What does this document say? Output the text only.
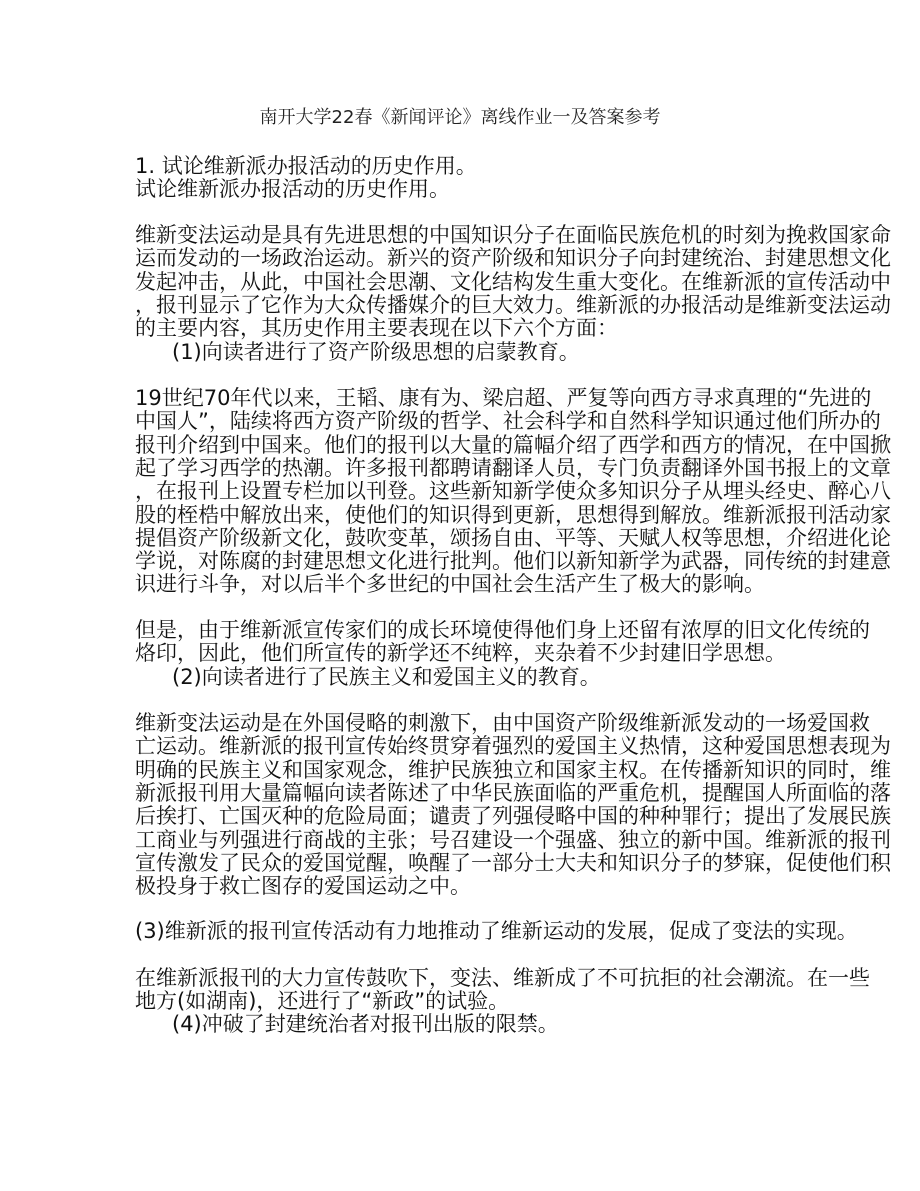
南开大学22春《新闻评论》离线作业一及答案参考
1. 试论维新派办报活动的历史作用。
试论维新派办报活动的历史作用。
维新变法运动是具有先进思想的中国知识分子在面临民族危机的时刻为挽救国家命
运而发动的一场政治运动。新兴的资产阶级和知识分子向封建统治、封建思想文化
发起冲击，从此，中国社会思潮、文化结构发生重大变化。在维新派的宣传活动中
，报刊显示了它作为大众传播媒介的巨大效力。维新派的办报活动是维新变法运动
的主要内容，其历史作用主要表现在以下六个方面：
(1)向读者进行了资产阶级思想的启蒙教育。
19世纪70年代以来，王韬、康有为、梁启超、严复等向西方寻求真理的“先进的
中国人”，陆续将西方资产阶级的哲学、社会科学和自然科学知识通过他们所办的
报刊介绍到中国来。他们的报刊以大量的篇幅介绍了西学和西方的情况，在中国掀
起了学习西学的热潮。许多报刊都聘请翻译人员，专门负责翻译外国书报上的文章
，在报刊上设置专栏加以刊登。这些新知新学使众多知识分子从埋头经史、醉心八
股的桎梏中解放出来，使他们的知识得到更新，思想得到解放。维新派报刊活动家
提倡资产阶级新文化，鼓吹变革，颂扬自由、平等、天赋人权等思想，介绍进化论
学说，对陈腐的封建思想文化进行批判。他们以新知新学为武器，同传统的封建意
识进行斗争，对以后半个多世纪的中国社会生活产生了极大的影响。
但是，由于维新派宣传家们的成长环境使得他们身上还留有浓厚的旧文化传统的
烙印，因此，他们所宣传的新学还不纯粹，夹杂着不少封建旧学思想。
(2)向读者进行了民族主义和爱国主义的教育。
维新变法运动是在外国侵略的刺激下，由中国资产阶级维新派发动的一场爱国救
亡运动。维新派的报刊宣传始终贯穿着强烈的爱国主义热情，这种爱国思想表现为
明确的民族主义和国家观念，维护民族独立和国家主权。在传播新知识的同时，维
新派报刊用大量篇幅向读者陈述了中华民族面临的严重危机，提醒国人所面临的落
后挨打、亡国灭种的危险局面；谴责了列强侵略中国的种种罪行；提出了发展民族
工商业与列强进行商战的主张；号召建设一个强盛、独立的新中国。维新派的报刊
宣传激发了民众的爱国觉醒，唤醒了一部分士大夫和知识分子的梦寐，促使他们积
极投身于救亡图存的爱国运动之中。
(3)维新派的报刊宣传活动有力地推动了维新运动的发展，促成了变法的实现。
在维新派报刊的大力宣传鼓吹下，变法、维新成了不可抗拒的社会潮流。在一些
地方(如湖南)，还进行了“新政”的试验。
(4)冲破了封建统治者对报刊出版的限禁。
